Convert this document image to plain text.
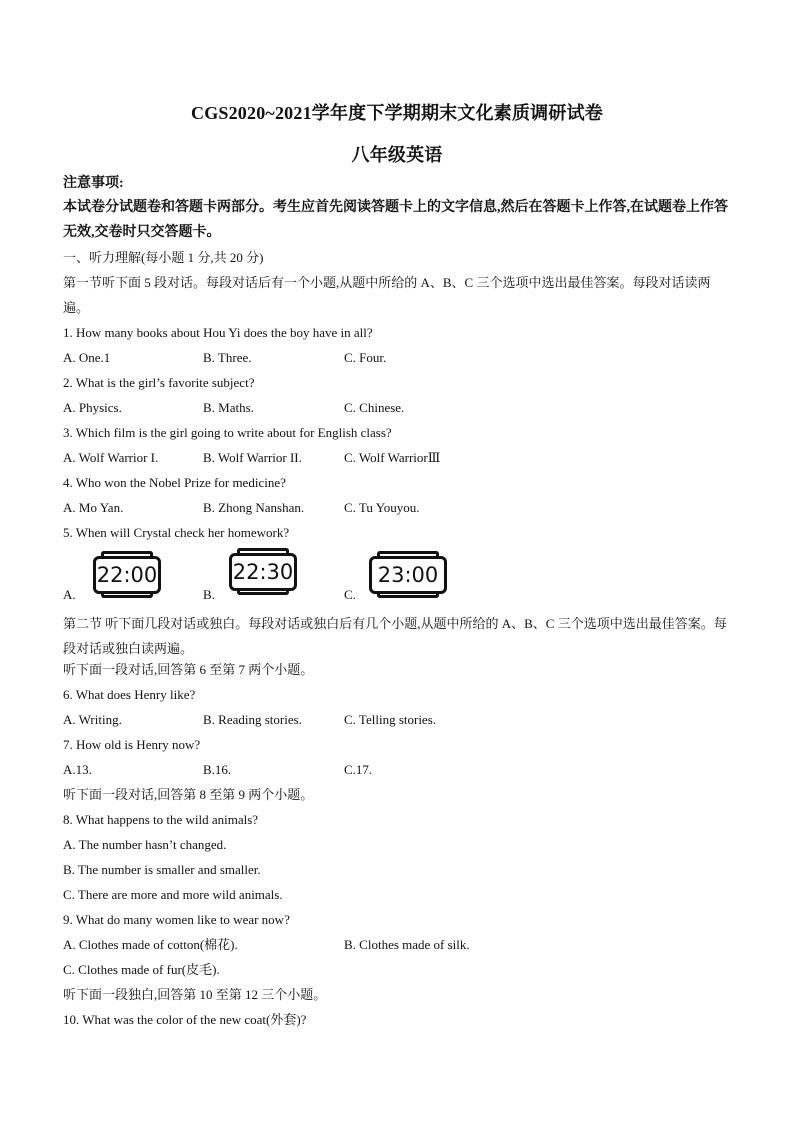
CGS2020~2021学年度下学期期末文化素质调研试卷
八年级英语
注意事项:
本试卷分试题卷和答题卡两部分。考生应首先阅读答题卡上的文字信息,然后在答题卡上作答,在试题卷上作答无效,交卷时只交答题卡。
一、听力理解(每小题 1 分,共 20 分)
第一节听下面 5 段对话。每段对话后有一个小题,从题中所给的 A、B、C 三个选项中选出最佳答案。每段对话读两遍。
1. How many books about Hou Yi does the boy have in all?
A. One.1	B. Three.	C. Four.
2. What is the girl’s favorite subject?
A. Physics.	B. Maths.	C. Chinese.
3. Which film is the girl going to write about for English class?
A. Wolf Warrior I.	B. Wolf Warrior II.	C. Wolf WarriorⅢ
4. Who won the Nobel Prize for medicine?
A. Mo Yan.	B. Zhong Nanshan.	C. Tu Youyou.
5. When will Crystal check her homework?
A.
22:00
B.
22:30
C.
23:00
第二节 听下面几段对话或独白。每段对话或独白后有几个小题,从题中所给的 A、B、C 三个选项中选出最佳答案。每段对话或独白读两遍。
听下面一段对话,回答第 6 至第 7 两个小题。
6. What does Henry like?
A. Writing.	B. Reading stories.	C. Telling stories.
7. How old is Henry now?
A.13.	B.16.	C.17.
听下面一段对话,回答第 8 至第 9 两个小题。
8. What happens to the wild animals?
A. The number hasn’t changed.
B. The number is smaller and smaller.
C. There are more and more wild animals.
9. What do many women like to wear now?
A. Clothes made of cotton(棉花).	B. Clothes made of silk.
C. Clothes made of fur(皮毛).
听下面一段独白,回答第 10 至第 12 三个小题。
10. What was the color of the new coat(外套)?
